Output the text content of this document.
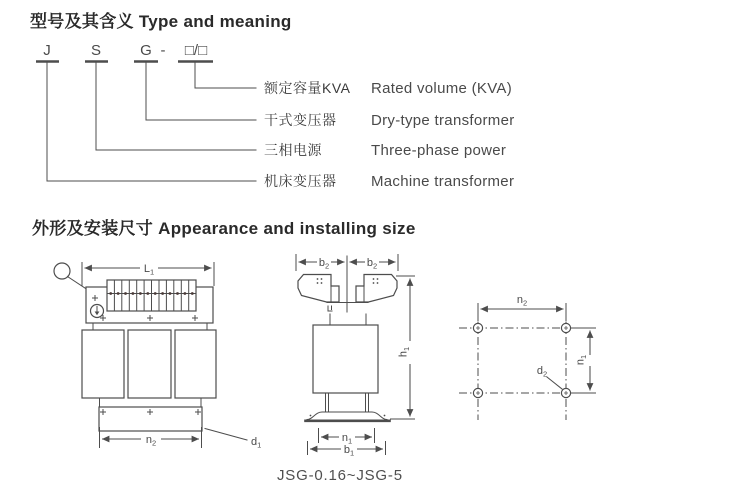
型号及其含义 Type and meaning
J	S	G -	□/□
额定容量KVA	Rated volume (KVA)
干式变压器	Dry-type transformer
三相电源	Three-phase power
机床变压器	Machine transformer
外形及安装尺寸 Appearance and installing size
JSG-0.16~JSG-5
$L_1$
$n_2$	$d_1$
$b_2$	$b_2$
$n_1$
$b_1$
$h_1$
$n_2$
$n_1$
$d_2$
